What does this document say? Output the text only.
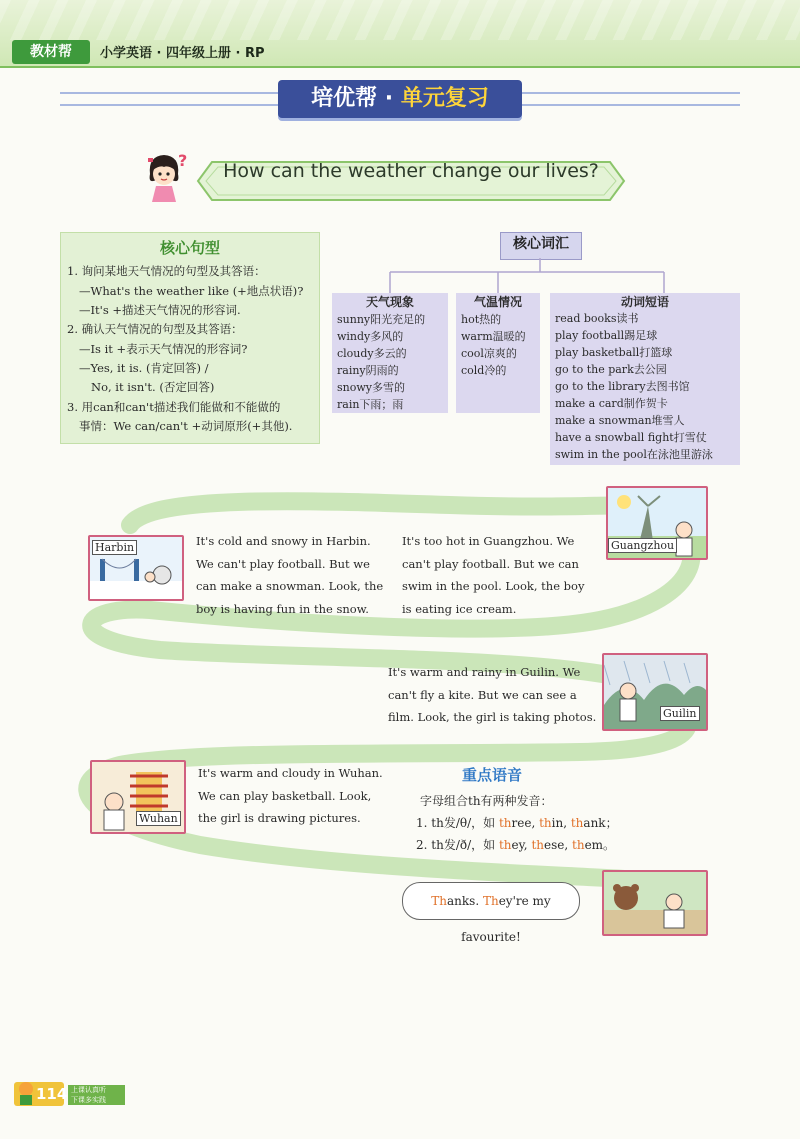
教材帮	小学英语 · 四年级上册 · RP
培优帮 · 单元复习
?	How can the weather change our lives?
核心句型
1. 询问某地天气情况的句型及其答语：
—What's the weather like (+地点状语)?
—It's +描述天气情况的形容词.
2. 确认天气情况的句型及其答语：
—Is it +表示天气情况的形容词?
—Yes, it is. (肯定回答) /
No, it isn't. (否定回答)
3. 用can和can't描述我们能做和不能做的
事情：We can/can't +动词原形(+其他).
核心词汇
天气现象
sunny阳光充足的
windy多风的
cloudy多云的
rainy阴雨的
snowy多雪的
rain下雨；雨
气温情况
hot热的
warm温暖的
cool凉爽的
cold冷的
动词短语
read books读书
play football踢足球
play basketball打篮球
go to the park去公园
go to the library去图书馆
make a card制作贺卡
make a snowman堆雪人
have a snowball fight打雪仗
swim in the pool在泳池里游泳
Harbin	It's cold and snowy in Harbin.
We can't play football. But we
can make a snowman. Look, the
boy is having fun in the snow.
It's too hot in Guangzhou. We
can't play football. But we can
swim in the pool. Look, the boy
is eating ice cream.
Guangzhou
It's warm and rainy in Guilin. We
can't fly a kite. But we can see a
film. Look, the girl is taking photos.	Guilin
Wuhan
It's warm and cloudy in Wuhan.
We can play basketball. Look,
the girl is drawing pictures.
重点语音
字母组合th有两种发音：
1. th发/θ/，如 three, thin, thank；
2. th发/ð/，如 they, these, them。
Thanks. They're my favourite!
114 上课认真听
下课多实践
